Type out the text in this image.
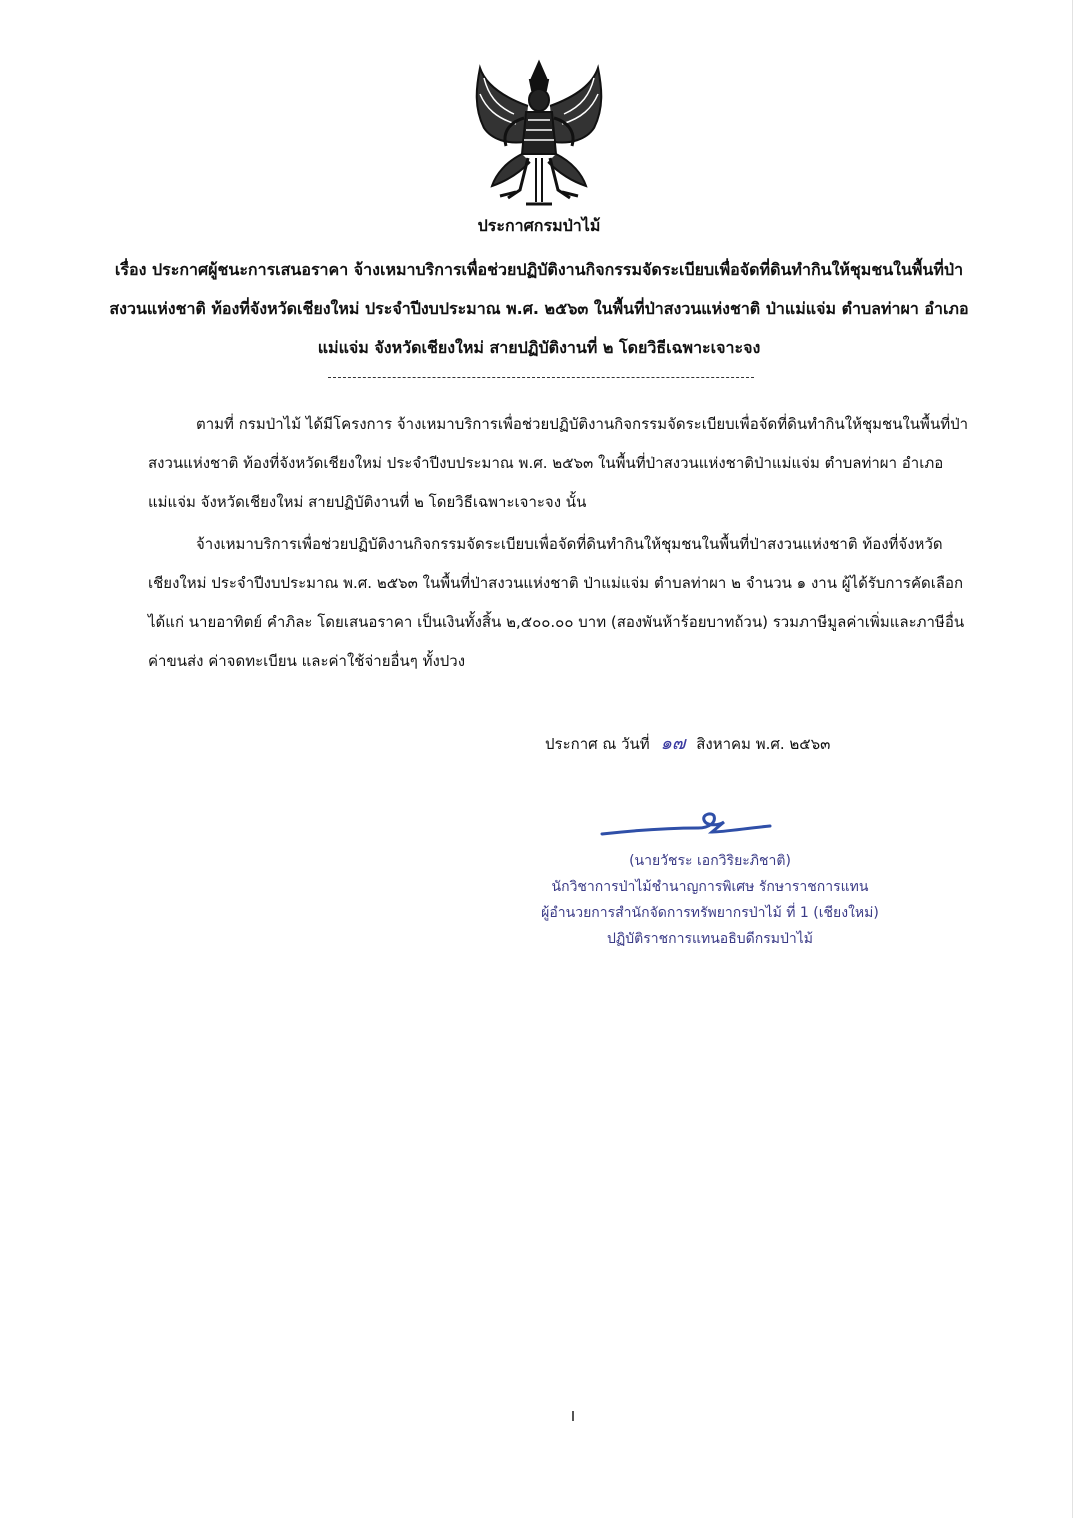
ประกาศกรมป่าไม้
เรื่อง ประกาศผู้ชนะการเสนอราคา จ้างเหมาบริการเพื่อช่วยปฏิบัติงานกิจกรรมจัดระเบียบเพื่อจัดที่ดินทำกินให้ชุมชนในพื้นที่ป่าสงวนแห่งชาติ ท้องที่จังหวัดเชียงใหม่ ประจำปีงบประมาณ พ.ศ. ๒๕๖๓ ในพื้นที่ป่าสงวนแห่งชาติ ป่าแม่แจ่ม ตำบลท่าผา อำเภอแม่แจ่ม จังหวัดเชียงใหม่ สายปฏิบัติงานที่ ๒ โดยวิธีเฉพาะเจาะจง
ตามที่ กรมป่าไม้ ได้มีโครงการ จ้างเหมาบริการเพื่อช่วยปฏิบัติงานกิจกรรมจัดระเบียบเพื่อจัดที่ดินทำกินให้ชุมชนในพื้นที่ป่าสงวนแห่งชาติ ท้องที่จังหวัดเชียงใหม่ ประจำปีงบประมาณ พ.ศ. ๒๕๖๓ ในพื้นที่ป่าสงวนแห่งชาติป่าแม่แจ่ม ตำบลท่าผา อำเภอแม่แจ่ม จังหวัดเชียงใหม่ สายปฏิบัติงานที่ ๒ โดยวิธีเฉพาะเจาะจง นั้น
จ้างเหมาบริการเพื่อช่วยปฏิบัติงานกิจกรรมจัดระเบียบเพื่อจัดที่ดินทำกินให้ชุมชนในพื้นที่ป่าสงวนแห่งชาติ ท้องที่จังหวัดเชียงใหม่ ประจำปีงบประมาณ พ.ศ. ๒๕๖๓ ในพื้นที่ป่าสงวนแห่งชาติ ป่าแม่แจ่ม ตำบลท่าผา ๒ จำนวน ๑ งาน ผู้ได้รับการคัดเลือก ได้แก่ นายอาทิตย์ คำภิละ โดยเสนอราคา เป็นเงินทั้งสิ้น ๒,๕๐๐.๐๐ บาท (สองพันห้าร้อยบาทถ้วน) รวมภาษีมูลค่าเพิ่มและภาษีอื่น ค่าขนส่ง ค่าจดทะเบียน และค่าใช้จ่ายอื่นๆ ทั้งปวง
ประกาศ ณ วันที่ ๑๗ สิงหาคม พ.ศ. ๒๕๖๓
(นายวัชระ เอกวิริยะภิชาติ)
นักวิชาการป่าไม้ชำนาญการพิเศษ รักษาราชการแทน
ผู้อำนวยการสำนักจัดการทรัพยากรป่าไม้ ที่ 1 (เชียงใหม่)
ปฏิบัติราชการแทนอธิบดีกรมป่าไม้
